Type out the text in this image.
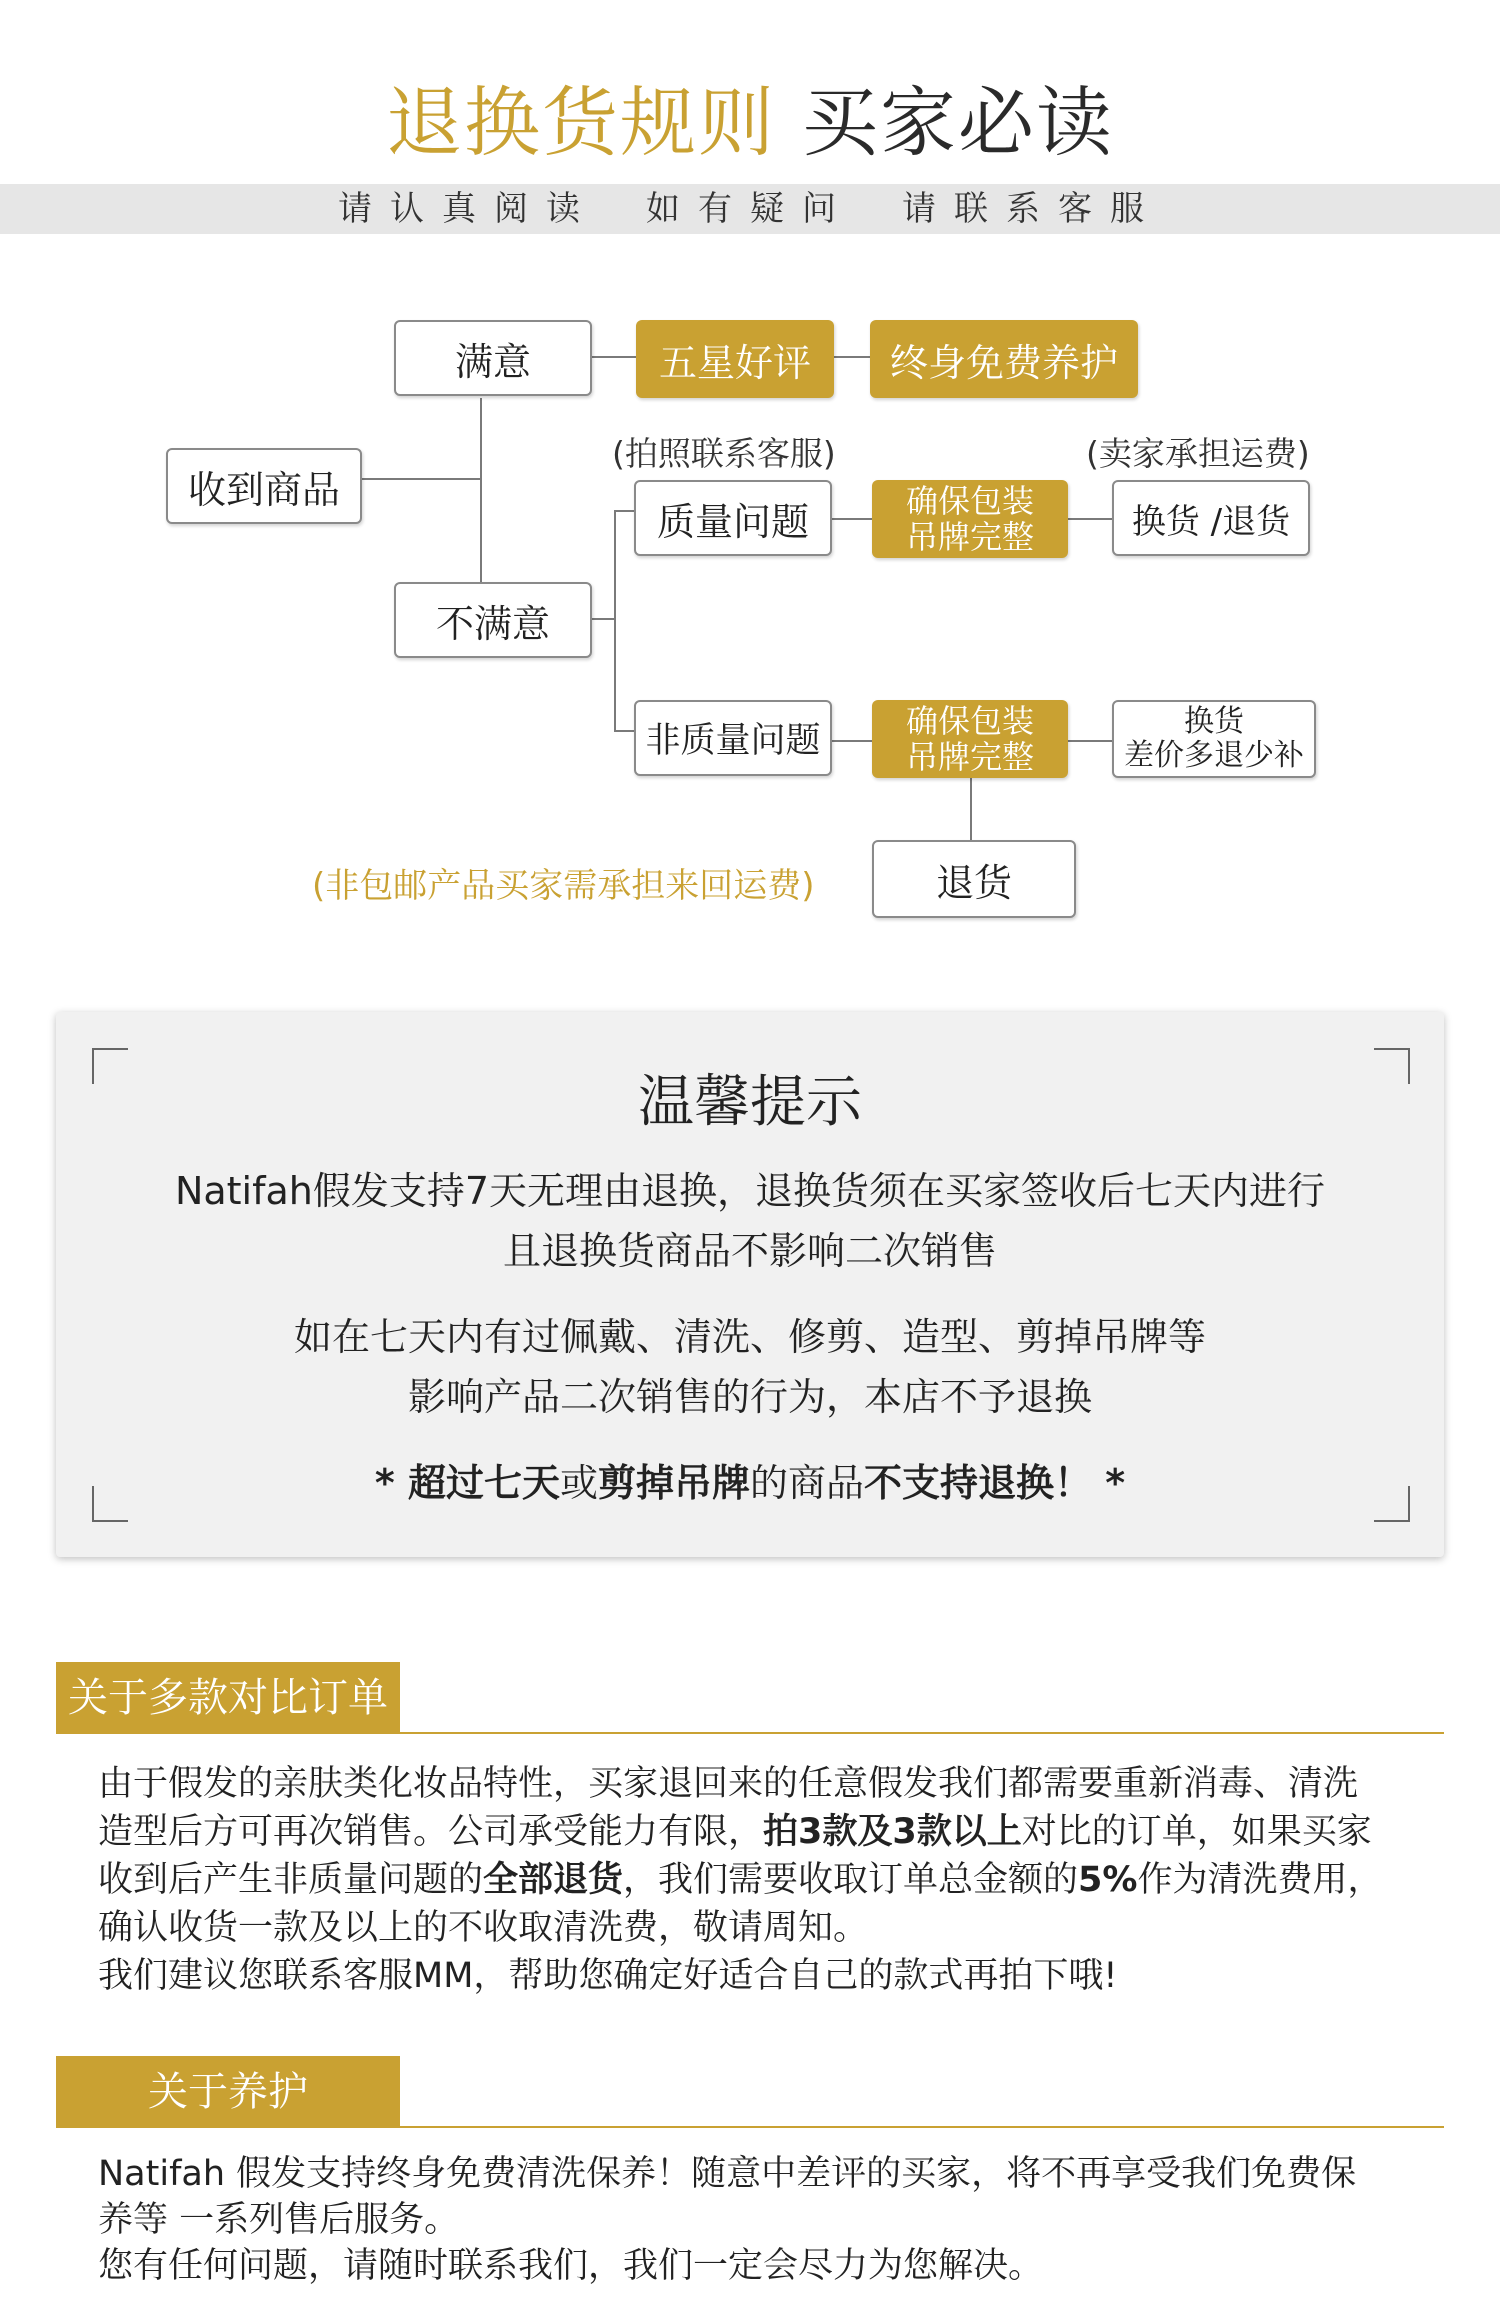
退换货规则 买家必读
请认真阅读 如有疑问 请联系客服
收到商品
满意	五星好评	终身免费养护
不满意
(拍照联系客服)
质量问题	确保包装
吊牌完整
(卖家承担运费)
换货 /退货
非质量问题	确保包装
吊牌完整
换货
差价多退少补
(非包邮产品买家需承担来回运费)	退货
温馨提示
Natifah假发支持7天无理由退换，退换货须在买家签收后七天内进行
且退换货商品不影响二次销售
如在七天内有过佩戴、清洗、修剪、造型、剪掉吊牌等
影响产品二次销售的行为，本店不予退换
* 超过七天或剪掉吊牌的商品不支持退换！ *
关于多款对比订单
由于假发的亲肤类化妆品特性，买家退回来的任意假发我们都需要重新消毒、清洗
造型后方可再次销售。公司承受能力有限，拍3款及3款以上对比的订单，如果买家
收到后产生非质量问题的全部退货，我们需要收取订单总金额的5%作为清洗费用，
确认收货一款及以上的不收取清洗费，敬请周知。
我们建议您联系客服MM，帮助您确定好适合自己的款式再拍下哦!
关于养护
Natifah 假发支持终身免费清洗保养！随意中差评的买家，将不再享受我们免费保
养等 一系列售后服务。
您有任何问题，请随时联系我们，我们一定会尽力为您解决。
